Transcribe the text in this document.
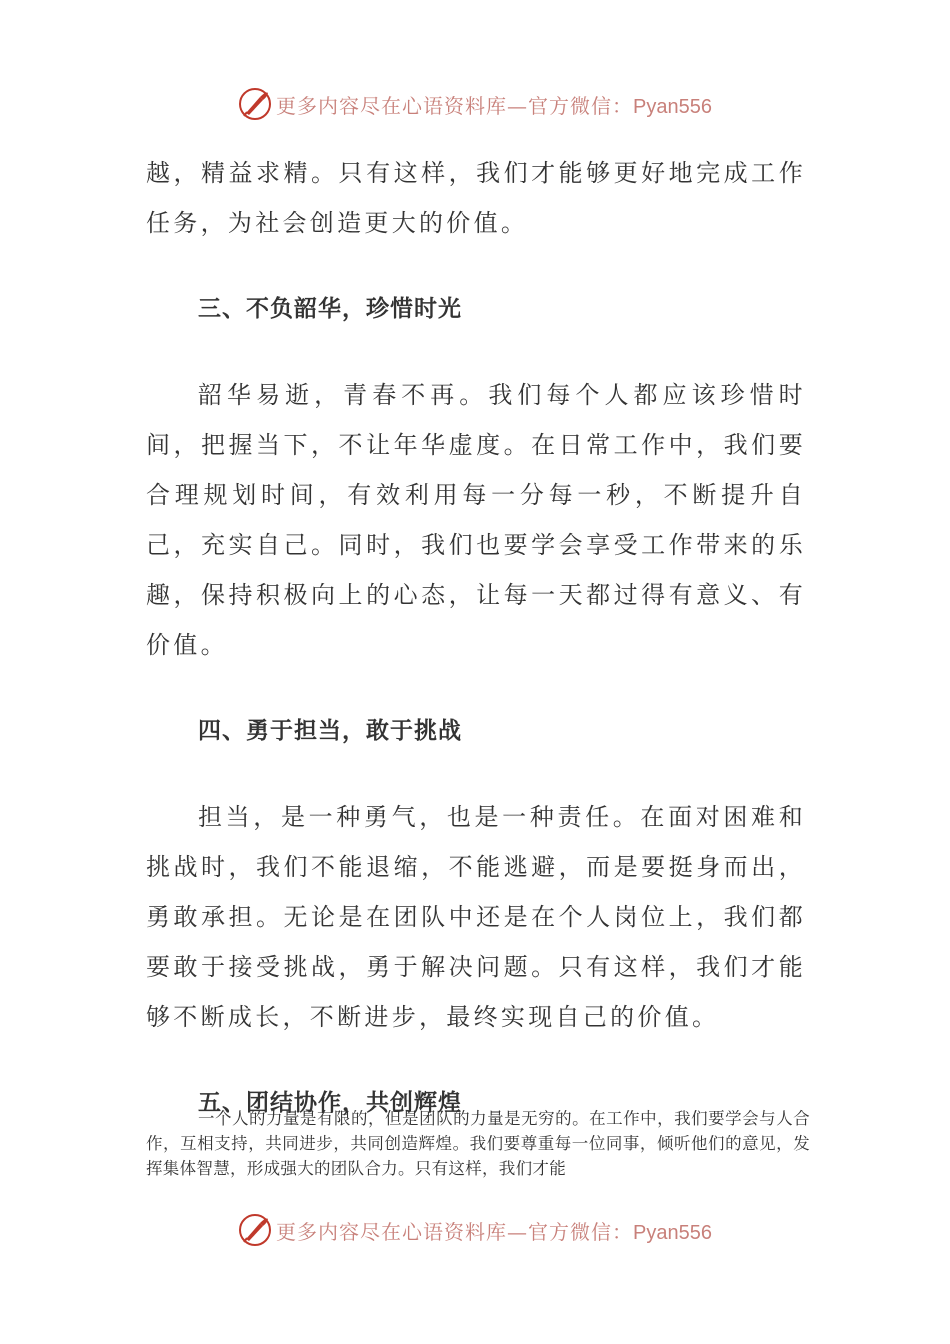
更多内容尽在心语资料库—官方微信：Pyan556

越，精益求精。只有这样，我们才能够更好地完成工作任务，为社会创造更大的价值。

三、不负韶华，珍惜时光

韶华易逝，青春不再。我们每个人都应该珍惜时间，把握当下，不让年华虚度。在日常工作中，我们要合理规划时间，有效利用每一分每一秒，不断提升自己，充实自己。同时，我们也要学会享受工作带来的乐趣，保持积极向上的心态，让每一天都过得有意义、有价值。

四、勇于担当，敢于挑战

担当，是一种勇气，也是一种责任。在面对困难和挑战时，我们不能退缩，不能逃避，而是要挺身而出，勇敢承担。无论是在团队中还是在个人岗位上，我们都要敢于接受挑战，勇于解决问题。只有这样，我们才能够不断成长，不断进步，最终实现自己的价值。

五、团结协作，共创辉煌

一个人的力量是有限的，但是团队的力量是无穷的。在工作中，我们要学会与人合作，互相支持，共同进步，共同创造辉煌。我们要尊重每一位同事，倾听他们的意见，发挥集体智慧，形成强大的团队合力。只有这样，我们才能

更多内容尽在心语资料库—官方微信：Pyan556
